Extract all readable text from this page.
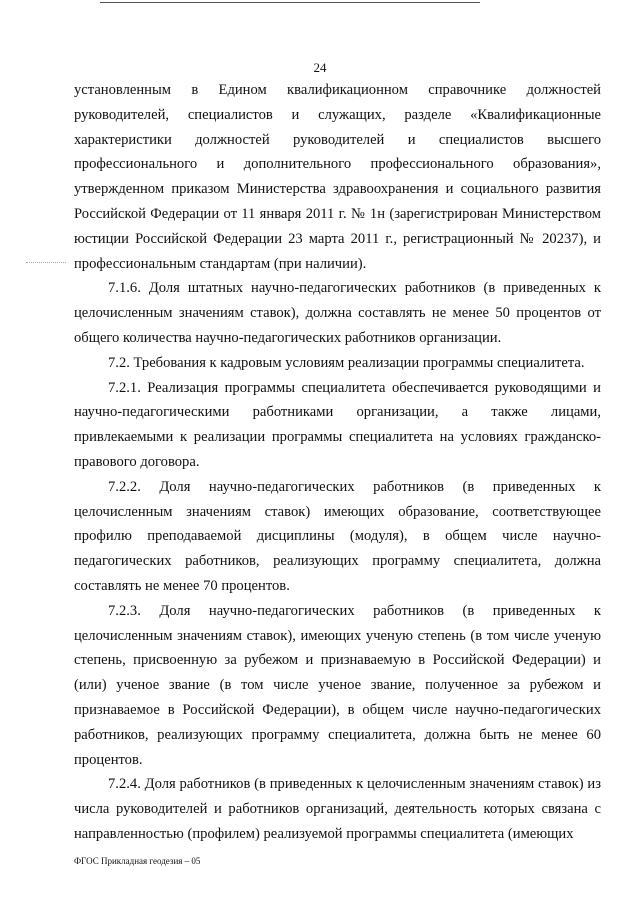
24

установленным в Едином квалификационном справочнике должностей руководителей, специалистов и служащих, разделе «Квалификационные характеристики должностей руководителей и специалистов высшего профессионального и дополнительного профессионального образования», утвержденном приказом Министерства здравоохранения и социального развития Российской Федерации от 11 января 2011 г. № 1н (зарегистрирован Министерством юстиции Российской Федерации 23 марта 2011 г., регистрационный № 20237), и профессиональным стандартам (при наличии).

7.1.6. Доля штатных научно-педагогических работников (в приведенных к целочисленным значениям ставок), должна составлять не менее 50 процентов от общего количества научно-педагогических работников организации.

7.2. Требования к кадровым условиям реализации программы специалитета.

7.2.1. Реализация программы специалитета обеспечивается руководящими и научно-педагогическими работниками организации, а также лицами, привлекаемыми к реализации программы специалитета на условиях гражданско-правового договора.

7.2.2. Доля научно-педагогических работников (в приведенных к целочисленным значениям ставок) имеющих образование, соответствующее профилю преподаваемой дисциплины (модуля), в общем числе научно-педагогических работников, реализующих программу специалитета, должна составлять не менее 70 процентов.

7.2.3. Доля научно-педагогических работников (в приведенных к целочисленным значениям ставок), имеющих ученую степень (в том числе ученую степень, присвоенную за рубежом и признаваемую в Российской Федерации) и (или) ученое звание (в том числе ученое звание, полученное за рубежом и признаваемое в Российской Федерации), в общем числе научно-педагогических работников, реализующих программу специалитета, должна быть не менее 60 процентов.

7.2.4. Доля работников (в приведенных к целочисленным значениям ставок) из числа руководителей и работников организаций, деятельность которых связана с направленностью (профилем) реализуемой программы специалитета (имеющих

ФГОС Прикладная геодезия – 05
